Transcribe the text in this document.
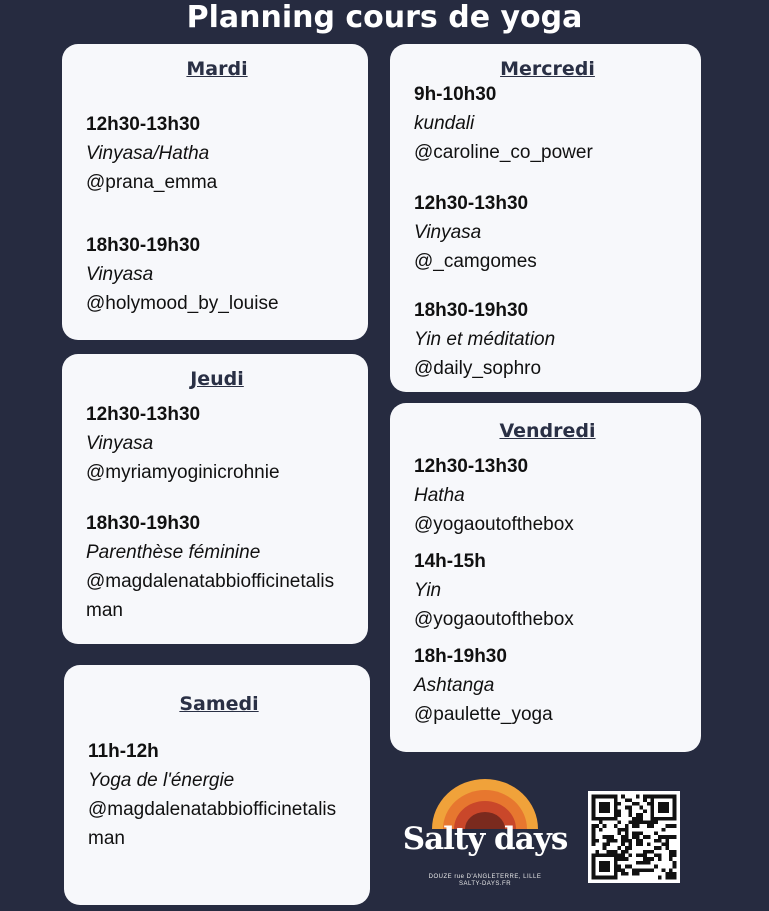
Planning cours de yoga
Mardi
12h30-13h30
Vinyasa/Hatha
@prana_emma
18h30-19h30
Vinyasa
@holymood_by_louise
Jeudi
12h30-13h30
Vinyasa
@myriamyoginicrohnie
18h30-19h30
Parenthèse féminine
@magdalenatabbiofficinetalisman
Samedi
11h-12h
Yoga de l'énergie
@magdalenatabbiofficinetalisman
Mercredi
9h-10h30
kundali
@caroline_co_power
12h30-13h30
Vinyasa
@_camgomes
18h30-19h30
Yin et méditation
@daily_sophro
Vendredi
12h30-13h30
Hatha
@yogaoutofthebox
14h-15h
Yin
@yogaoutofthebox
18h-19h30
Ashtanga
@paulette_yoga
Salty days
DOUZE rue D'ANGLETERRE, LILLE
SALTY-DAYS.FR
